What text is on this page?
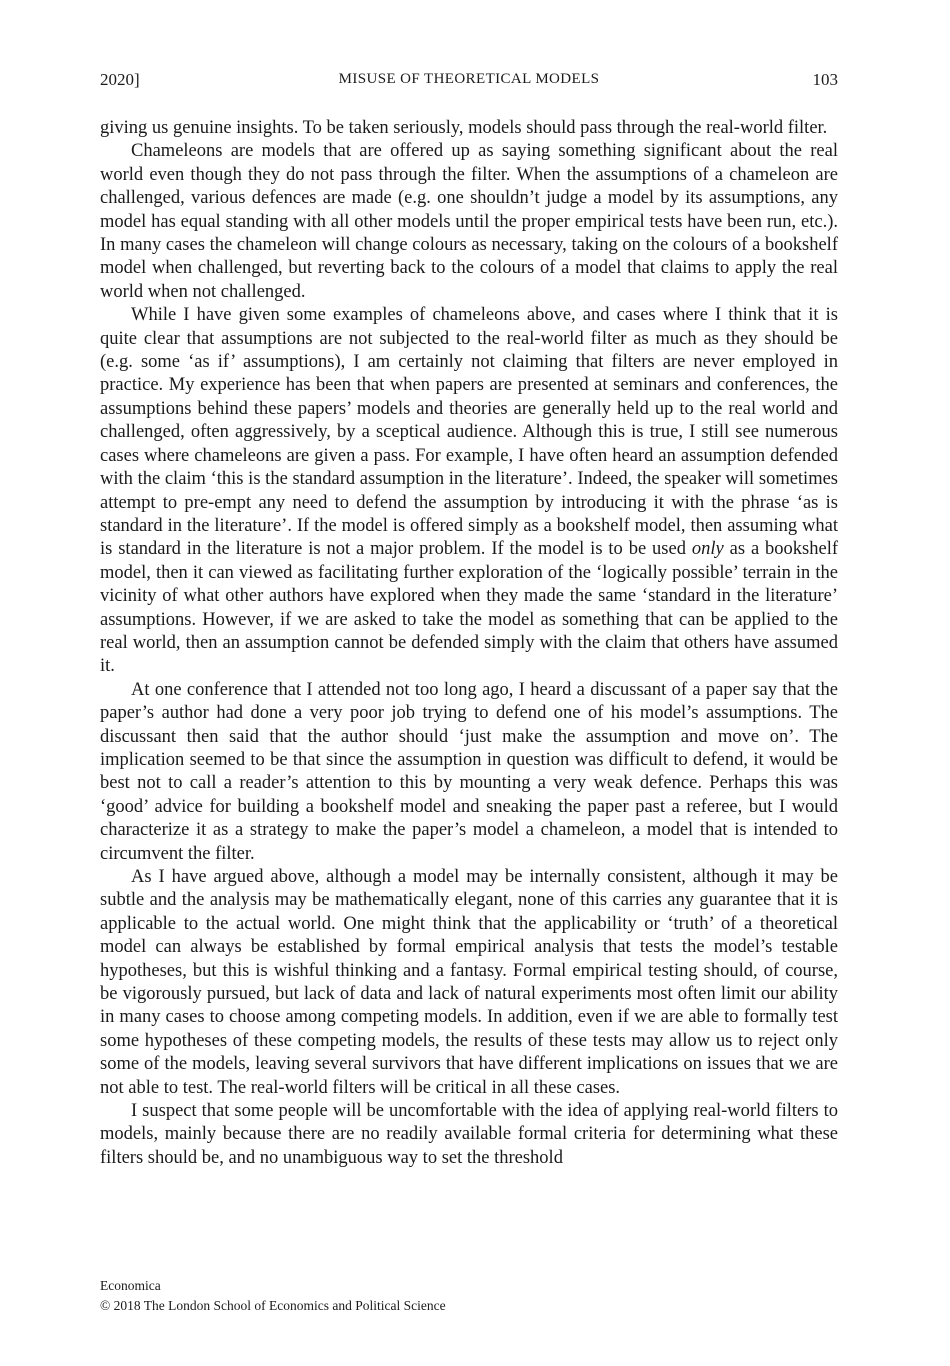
2020]	MISUSE OF THEORETICAL MODELS	103

giving us genuine insights. To be taken seriously, models should pass through the real-world filter.

Chameleons are models that are offered up as saying something significant about the real world even though they do not pass through the filter. When the assumptions of a chameleon are challenged, various defences are made (e.g. one shouldn’t judge a model by its assumptions, any model has equal standing with all other models until the proper empirical tests have been run, etc.). In many cases the chameleon will change colours as necessary, taking on the colours of a bookshelf model when challenged, but reverting back to the colours of a model that claims to apply the real world when not challenged.

While I have given some examples of chameleons above, and cases where I think that it is quite clear that assumptions are not subjected to the real-world filter as much as they should be (e.g. some ‘as if’ assumptions), I am certainly not claiming that filters are never employed in practice. My experience has been that when papers are presented at seminars and conferences, the assumptions behind these papers’ models and theories are generally held up to the real world and challenged, often aggressively, by a sceptical audience. Although this is true, I still see numerous cases where chameleons are given a pass. For example, I have often heard an assumption defended with the claim ‘this is the standard assumption in the literature’. Indeed, the speaker will sometimes attempt to pre-empt any need to defend the assumption by introducing it with the phrase ‘as is standard in the literature’. If the model is offered simply as a bookshelf model, then assuming what is standard in the literature is not a major problem. If the model is to be used only as a bookshelf model, then it can viewed as facilitating further exploration of the ‘logically possible’ terrain in the vicinity of what other authors have explored when they made the same ‘standard in the literature’ assumptions. However, if we are asked to take the model as something that can be applied to the real world, then an assumption cannot be defended simply with the claim that others have assumed it.

At one conference that I attended not too long ago, I heard a discussant of a paper say that the paper’s author had done a very poor job trying to defend one of his model’s assumptions. The discussant then said that the author should ‘just make the assumption and move on’. The implication seemed to be that since the assumption in question was difficult to defend, it would be best not to call a reader’s attention to this by mounting a very weak defence. Perhaps this was ‘good’ advice for building a bookshelf model and sneaking the paper past a referee, but I would characterize it as a strategy to make the paper’s model a chameleon, a model that is intended to circumvent the filter.

As I have argued above, although a model may be internally consistent, although it may be subtle and the analysis may be mathematically elegant, none of this carries any guarantee that it is applicable to the actual world. One might think that the applicability or ‘truth’ of a theoretical model can always be established by formal empirical analysis that tests the model’s testable hypotheses, but this is wishful thinking and a fantasy. Formal empirical testing should, of course, be vigorously pursued, but lack of data and lack of natural experiments most often limit our ability in many cases to choose among competing models. In addition, even if we are able to formally test some hypotheses of these competing models, the results of these tests may allow us to reject only some of the models, leaving several survivors that have different implications on issues that we are not able to test. The real-world filters will be critical in all these cases.

I suspect that some people will be uncomfortable with the idea of applying real-world filters to models, mainly because there are no readily available formal criteria for determining what these filters should be, and no unambiguous way to set the threshold

Economica
© 2018 The London School of Economics and Political Science
